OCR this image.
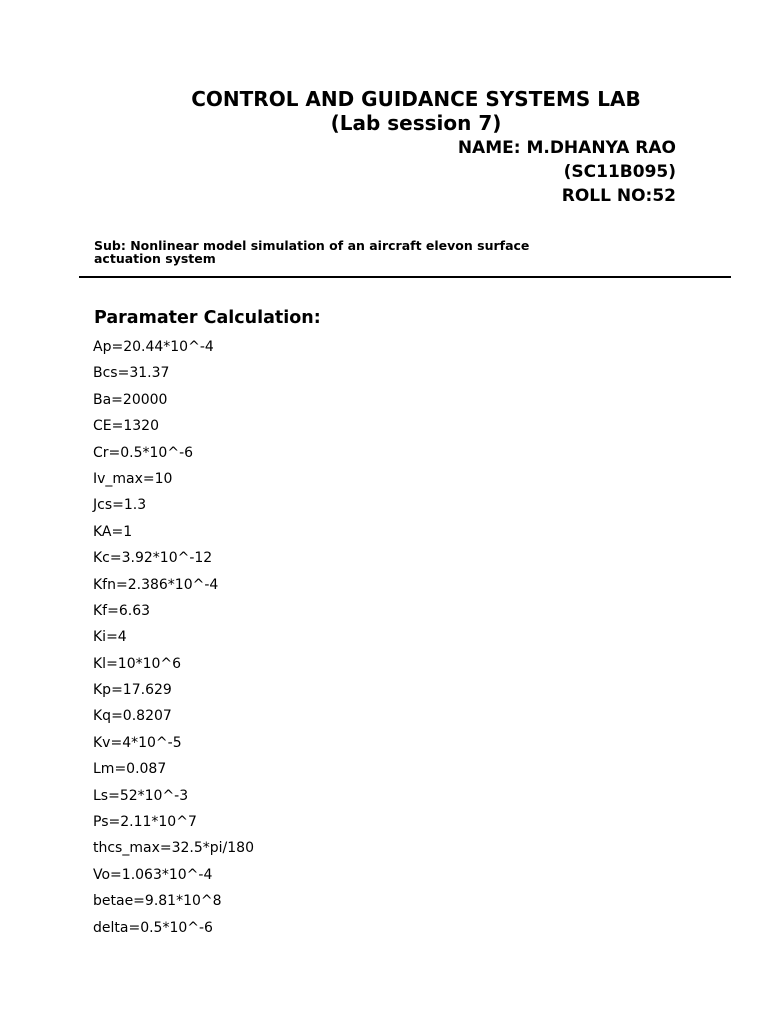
CONTROL AND GUIDANCE SYSTEMS LAB
(Lab session 7)
NAME: M.DHANYA RAO
(SC11B095)
ROLL NO:52
Sub: Nonlinear model simulation of an aircraft elevon surface actuation system
Paramater Calculation:
Ap=20.44*10^-4
Bcs=31.37
Ba=20000
CE=1320
Cr=0.5*10^-6
Iv_max=10
Jcs=1.3
KA=1
Kc=3.92*10^-12
Kfn=2.386*10^-4
Kf=6.63
Ki=4
Kl=10*10^6
Kp=17.629
Kq=0.8207
Kv=4*10^-5
Lm=0.087
Ls=52*10^-3
Ps=2.11*10^7
thcs_max=32.5*pi/180
Vo=1.063*10^-4
betae=9.81*10^8
delta=0.5*10^-6
